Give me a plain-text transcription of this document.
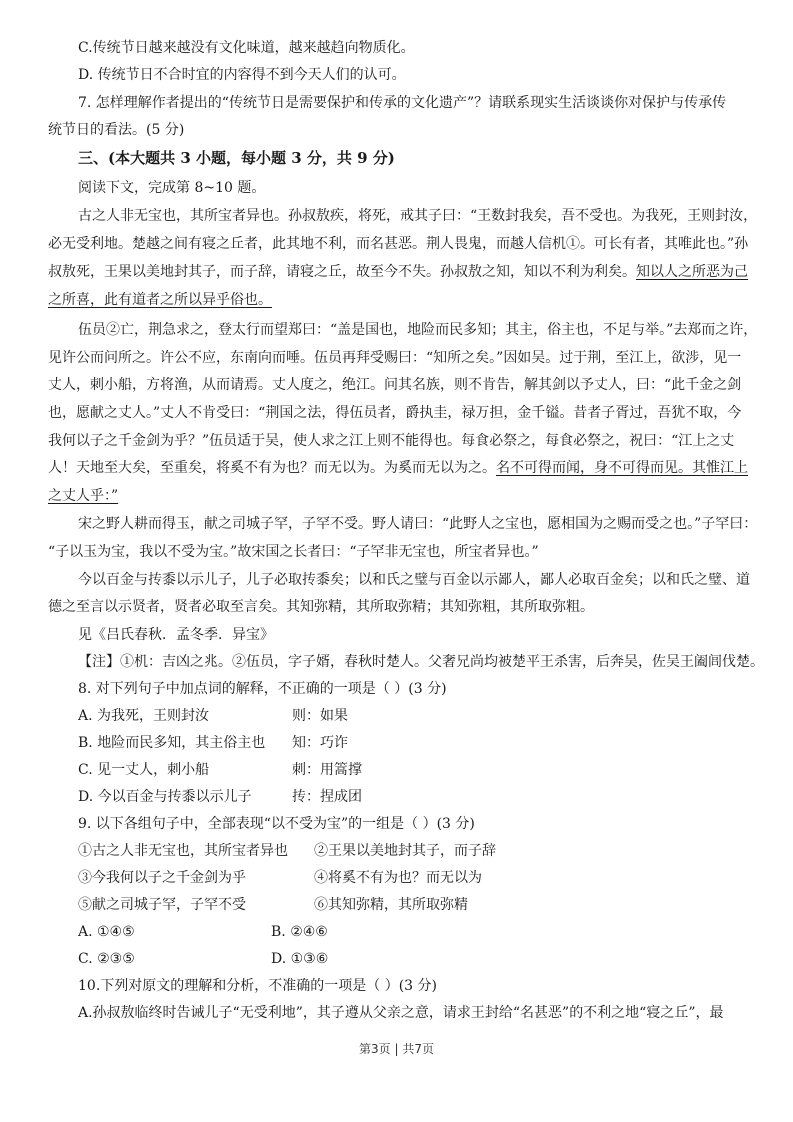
C.传统节日越来越没有文化味道，越来越趋向物质化。
D. 传统节日不合时宜的内容得不到今天人们的认可。
7. 怎样理解作者提出的“传统节日是需要保护和传承的文化遗产”？请联系现实生活谈谈你对保护与传承传
统节日的看法。(5 分)
三、(本大题共 3 小题，每小题 3 分，共 9 分)
阅读下文，完成第 8~10 题。
古之人非无宝也，其所宝者异也。孙叔敖疾，将死，戒其子曰：“王数封我矣，吾不受也。为我死，王则封汝，
必无受利地。楚越之间有寝之丘者，此其地不利，而名甚恶。荆人畏鬼，而越人信机①。可长有者，其唯此也。”孙
叔敖死，王果以美地封其子，而子辞，请寝之丘，故至今不失。孙叔敖之知，知以不利为利矣。知以人之所恶为己
之所喜，此有道者之所以异乎俗也。
伍员②亡，荆急求之，登太行而望郑曰：“盖是国也，地险而民多知；其主，俗主也，不足与举。”去郑而之许，
见许公而问所之。许公不应，东南向而唾。伍员再拜受赐曰：“知所之矣。”因如吴。过于荆，至江上，欲涉，见一
丈人，刺小船，方将渔，从而请焉。丈人度之，绝江。问其名族，则不肯告，解其剑以予丈人，曰：“此千金之剑
也，愿献之丈人。”丈人不肯受曰：“荆国之法，得伍员者，爵执圭，禄万担，金千镒。昔者子胥过，吾犹不取，今
我何以子之千金剑为乎？”伍员适于吴，使人求之江上则不能得也。每食必祭之，每食必祭之，祝曰：“江上之丈
人！天地至大矣，至重矣，将奚不有为也？而无以为。为奚而无以为之。名不可得而闻，身不可得而见。其惟江上
之丈人乎：”
宋之野人耕而得玉，献之司城子罕，子罕不受。野人请曰：“此野人之宝也，愿相国为之赐而受之也。”子罕曰：
“子以玉为宝，我以不受为宝。”故宋国之长者曰：“子罕非无宝也，所宝者异也。”
今以百金与抟黍以示儿子，儿子必取抟黍矣；以和氏之璧与百金以示鄙人，鄙人必取百金矣；以和氏之璧、道
德之至言以示贤者，贤者必取至言矣。其知弥精，其所取弥精；其知弥粗，其所取弥粗。
见《吕氏春秋．孟冬季．异宝》
【注】①机：吉凶之兆。②伍员，字子婿，春秋时楚人。父奢兄尚均被楚平王杀害，后奔吴，佐吴王阖闾伐楚。
8. 对下列句子中加点词的解释，不正确的一项是（ ）(3 分)
A. 为我死，王则封汝	则：如果
B. 地险而民多知，其主俗主也 知：巧诈
C. 见一丈人，刺小船	刺：用篙撑
D. 今以百金与抟黍以示儿子	抟：捏成团
9. 以下各组句子中，全部表现“以不受为宝”的一组是（ ）(3 分)
①古之人非无宝也，其所宝者异也 ②王果以美地封其子，而子辞
③今我何以子之千金剑为乎	④将奚不有为也？而无以为
⑤献之司城子罕，子罕不受	⑥其知弥精，其所取弥精
A. ①④⑤	B. ②④⑥
C. ②③⑤	D. ①③⑥
10.下列对原文的理解和分析，不准确的一项是（ ）(3 分)
A.孙叔敖临终时告诫儿子“无受利地”，其子遵从父亲之意，请求王封给“名甚恶”的不利之地“寝之丘”，最
第3页 | 共7页
